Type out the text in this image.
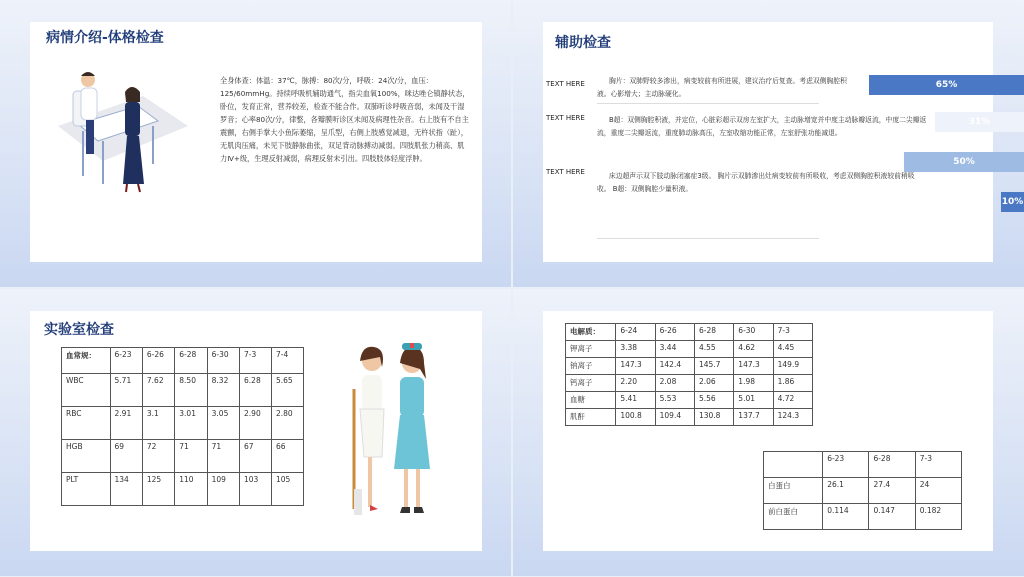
病情介绍-体格检查
全身体查：体温：37℃，脉搏：80次/分，呼吸：24次/分，血压：125/60mmHg。持续呼吸机辅助通气，指尖血氧100%，咪达唑仑镇静状态，卧位，发育正常，营养较差，检查不能合作。双肺听诊呼吸音弱，未闻及干湿罗音；心率80次/分，律整，各瓣膜听诊区未闻及病理性杂音。右上肢有不自主震颤，右侧手掌大小鱼际萎缩，呈爪型，右侧上肢感觉减退，无杵状指（趾），无肌肉压痛，未见下肢静脉曲张，双足背动脉搏动减弱。四肢肌张力稍高、肌力Ⅳ+级，生理反射减弱，病理反射未引出。四肢肢体轻度浮肿。
辅助检查
TEXT HERE	胸片：双肺野较多渗出，病变较前有所进展，建议治疗后复查。考虑双侧胸腔积液。心影增大；主动脉硬化。
TEXT HERE	B超：双侧胸腔积液，并定位，心脏彩超示双房左室扩大，主动脉增宽并中度主动脉瓣返流，中度二尖瓣返流，重度二尖瓣返流，重度肺动脉高压，左室收缩功能正常，左室舒张功能减退。
TEXT HERE	床边超声示双下肢动脉闭塞症3级。 胸片示双肺渗出灶病变较前有所吸收，考虑双侧胸腔积液较前稍吸收。 B超：双侧胸腔少量积液。
65%
31%
50%
10%
实验室检查
血常规：	6-23	6-26	6-28	6-30	7-3	7-4
WBC	5.71	7.62	8.50	8.32	6.28	5.65
RBC	2.91	3.1	3.01	3.05	2.90	2.80
HGB	69	72	71	71	67	66
PLT	134	125	110	109	103	105
电解质：	6-24	6-26	6-28	6-30	7-3
钾离子	3.38	3.44	4.55	4.62	4.45
钠离子	147.3	142.4	145.7	147.3	149.9
钙离子	2.20	2.08	2.06	1.98	1.86
血糖	5.41	5.53	5.56	5.01	4.72
肌酐	100.8	109.4	130.8	137.7	124.3
	6-23	6-28	7-3
白蛋白	26.1	27.4	24
前白蛋白	0.114	0.147	0.182
